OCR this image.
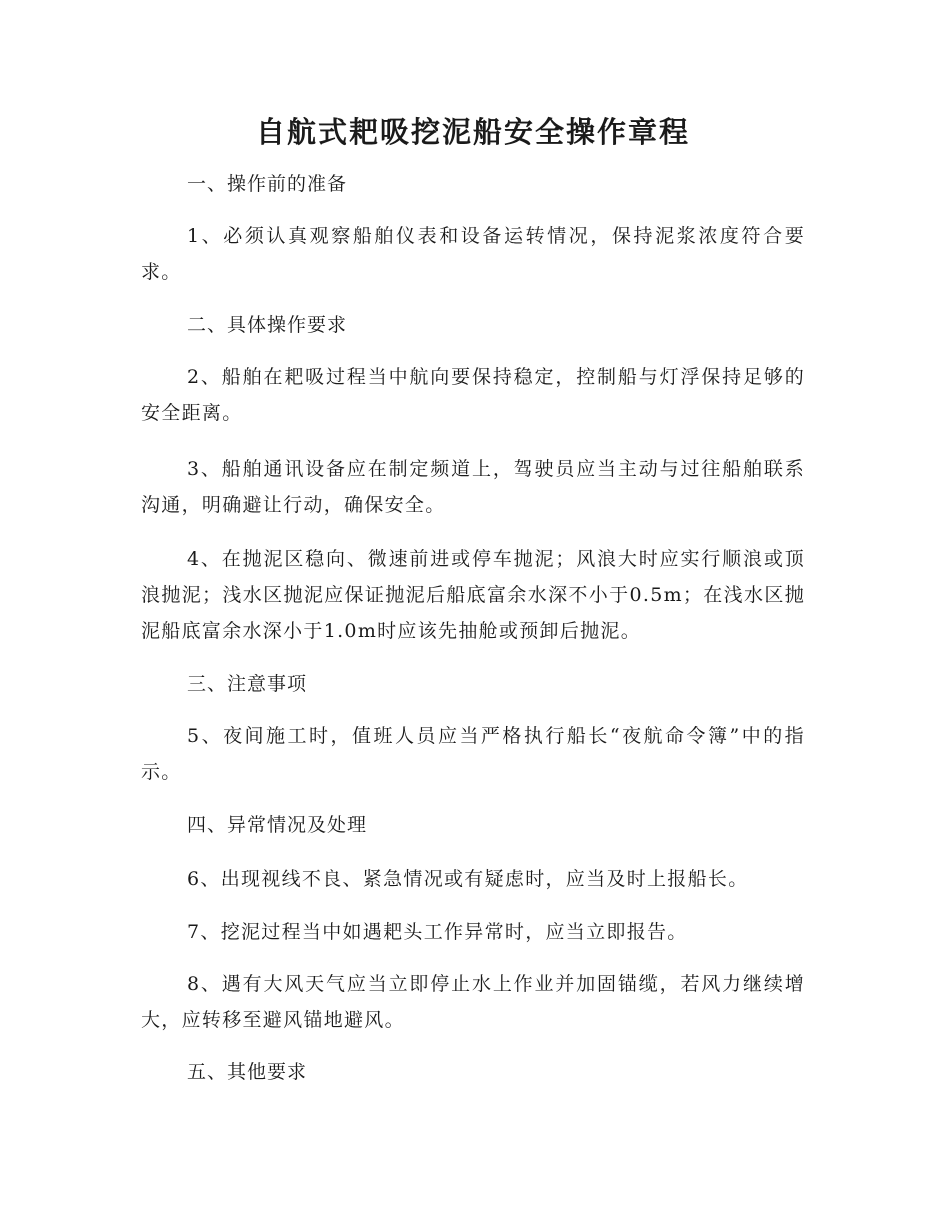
自航式耙吸挖泥船安全操作章程
一、操作前的准备
1、必须认真观察船舶仪表和设备运转情况，保持泥浆浓度符合要求。
二、具体操作要求
2、船舶在耙吸过程当中航向要保持稳定，控制船与灯浮保持足够的安全距离。
3、船舶通讯设备应在制定频道上，驾驶员应当主动与过往船舶联系沟通，明确避让行动，确保安全。
4、在抛泥区稳向、微速前进或停车抛泥；风浪大时应实行顺浪或顶浪抛泥；浅水区抛泥应保证抛泥后船底富余水深不小于0.5m；在浅水区抛泥船底富余水深小于1.0m时应该先抽舱或预卸后抛泥。
三、注意事项
5、夜间施工时，值班人员应当严格执行船长“夜航命令簿”中的指示。
四、异常情况及处理
6、出现视线不良、紧急情况或有疑虑时，应当及时上报船长。
7、挖泥过程当中如遇耙头工作异常时，应当立即报告。
8、遇有大风天气应当立即停止水上作业并加固锚缆，若风力继续增大，应转移至避风锚地避风。
五、其他要求
